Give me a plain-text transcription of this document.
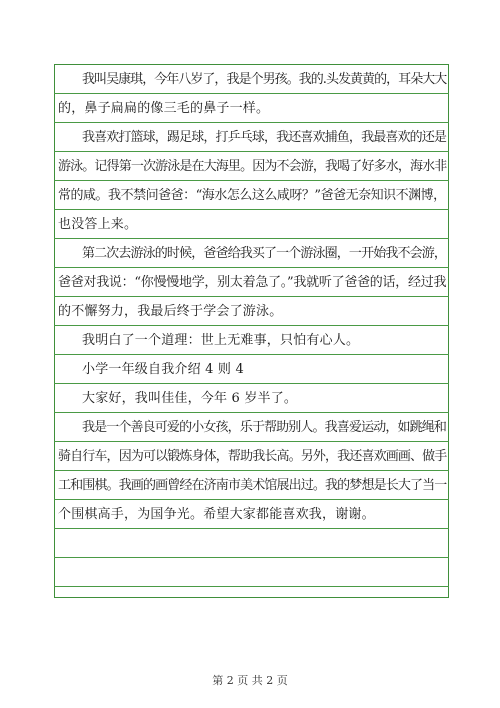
我叫吴康琪，今年八岁了，我是个男孩。我的.头发黄黄的，耳朵大大
的，鼻子扁扁的像三毛的鼻子一样。
我喜欢打篮球，踢足球，打乒乓球，我还喜欢捕鱼，我最喜欢的还是
游泳。记得第一次游泳是在大海里。因为不会游，我喝了好多水，海水非
常的咸。我不禁问爸爸：“海水怎么这么咸呀？”爸爸无奈知识不渊博，
也没答上来。
第二次去游泳的时候，爸爸给我买了一个游泳圈，一开始我不会游，
爸爸对我说：“你慢慢地学，别太着急了。”我就听了爸爸的话，经过我
的不懈努力，我最后终于学会了游泳。
我明白了一个道理：世上无难事，只怕有心人。
小学一年级自我介绍 4 则 4
大家好，我叫佳佳，今年 6 岁半了。
我是一个善良可爱的小女孩，乐于帮助别人。我喜爱运动，如跳绳和
骑自行车，因为可以锻炼身体，帮助我长高。另外，我还喜欢画画、做手
工和围棋。我画的画曾经在济南市美术馆展出过。我的梦想是长大了当一
个围棋高手，为国争光。希望大家都能喜欢我，谢谢。
第 2 页 共 2 页
